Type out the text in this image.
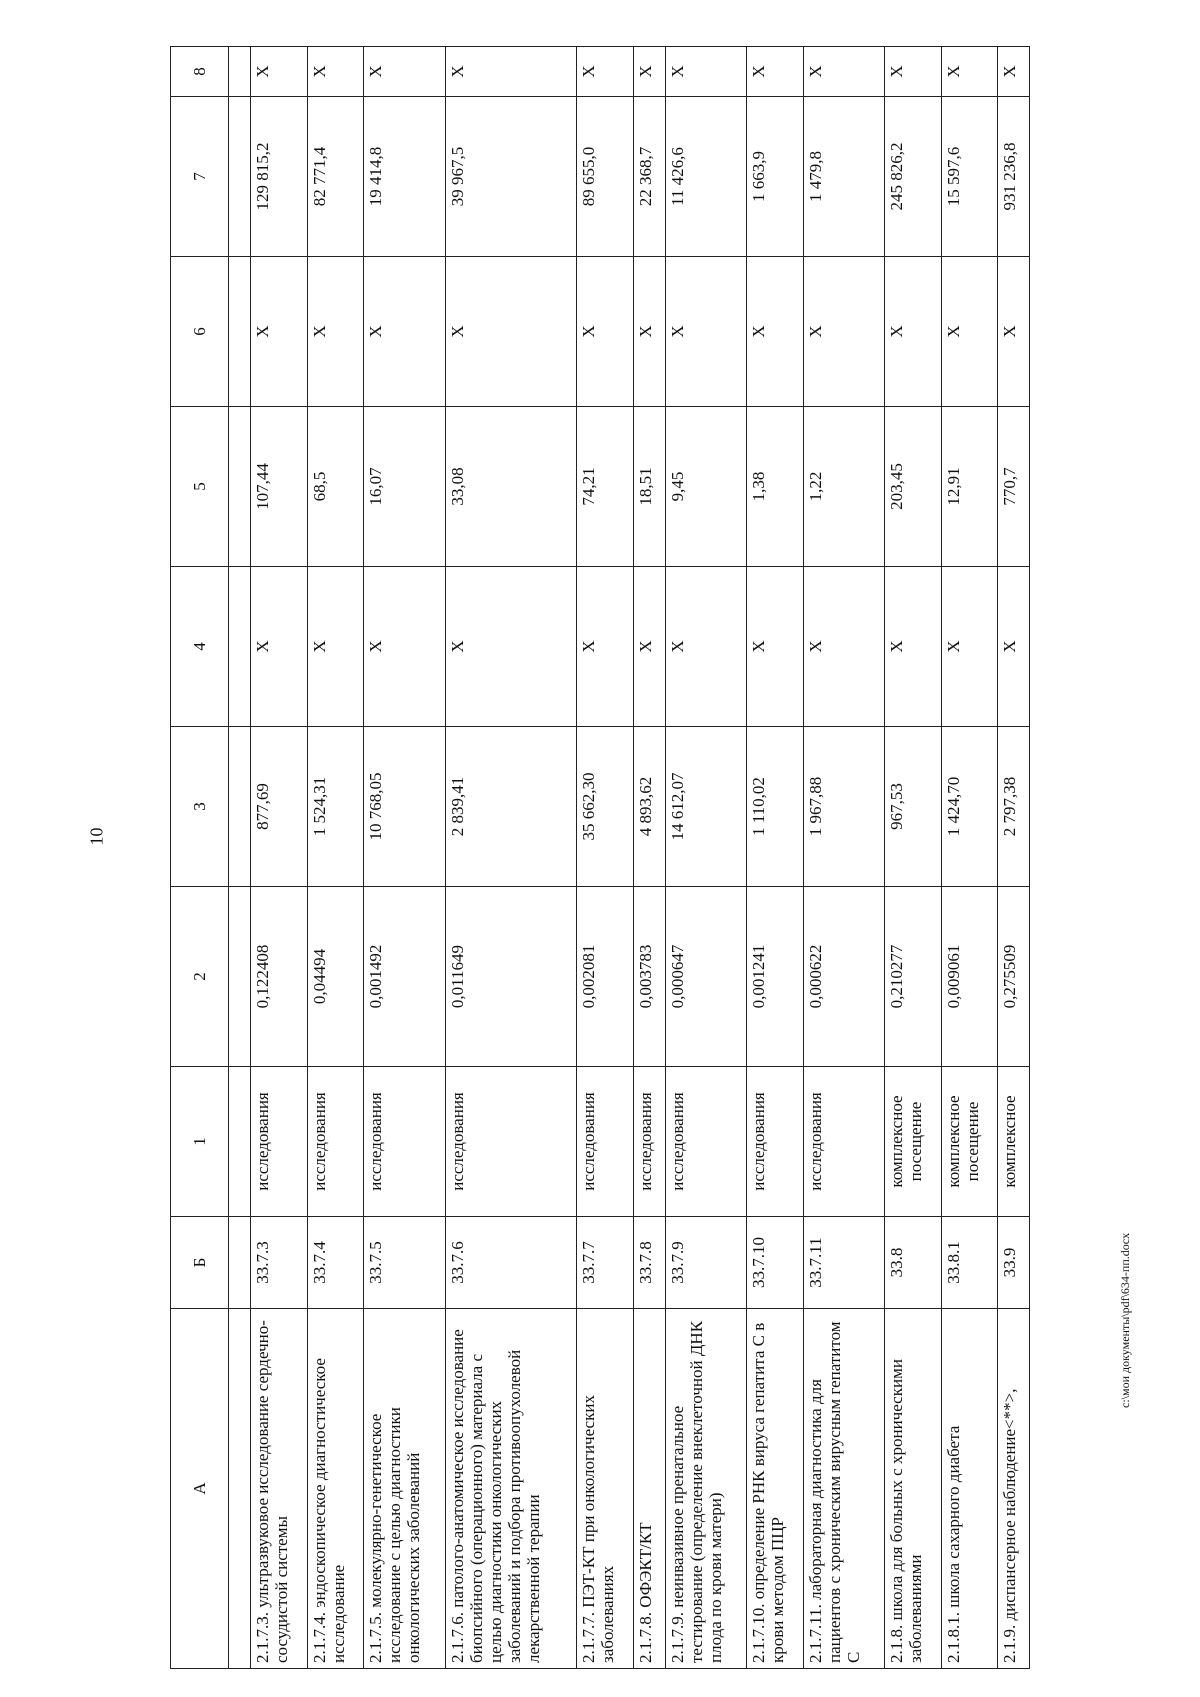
10
А	Б	1	2	3	4	5	6	7	8

2.1.7.3. ультразвуковое исследование сердечно-сосудистой системы	33.7.3	исследования	0,122408	877,69	Х	107,44	Х	129 815,2	Х
2.1.7.4. эндоскопическое диагностическое исследование	33.7.4	исследования	0,04494	1 524,31	Х	68,5	Х	82 771,4	Х
2.1.7.5. молекулярно-генетическое исследование с целью диагностики онкологических заболеваний	33.7.5	исследования	0,001492	10 768,05	Х	16,07	Х	19 414,8	Х
2.1.7.6. патолого-анатомическое исследование биопсийного (операционного) материала с целью диагностики онкологических заболеваний и подбора противоопухолевой лекарственной терапии	33.7.6	исследования	0,011649	2 839,41	Х	33,08	Х	39 967,5	Х
2.1.7.7. ПЭТ-КТ при онкологических заболеваниях	33.7.7	исследования	0,002081	35 662,30	Х	74,21	Х	89 655,0	Х
2.1.7.8. ОФЭКТ/КТ	33.7.8	исследования	0,003783	4 893,62	Х	18,51	Х	22 368,7	Х
2.1.7.9. неинвазивное пренатальное тестирование (определение внеклеточной ДНК плода по крови матери)	33.7.9	исследования	0,000647	14 612,07	Х	9,45	Х	11 426,6	Х
2.1.7.10. определение РНК вируса гепатита С в крови методом ПЦР	33.7.10	исследования	0,001241	1 110,02	Х	1,38	Х	1 663,9	Х
2.1.7.11. лабораторная диагностика для пациентов с хроническим вирусным гепатитом С	33.7.11	исследования	0,000622	1 967,88	Х	1,22	Х	1 479,8	Х
2.1.8. школа для больных с хроническими заболеваниями	33.8	комплексное посещение	0,210277	967,53	Х	203,45	Х	245 826,2	Х
2.1.8.1. школа сахарного диабета	33.8.1	комплексное посещение	0,009061	1 424,70	Х	12,91	Х	15 597,6	Х
2.1.9. диспансерное наблюдение<**>,	33.9	комплексное	0,275509	2 797,38	Х	770,7	Х	931 236,8	Х
c:\мои документы\pdf\634-пп.docx
